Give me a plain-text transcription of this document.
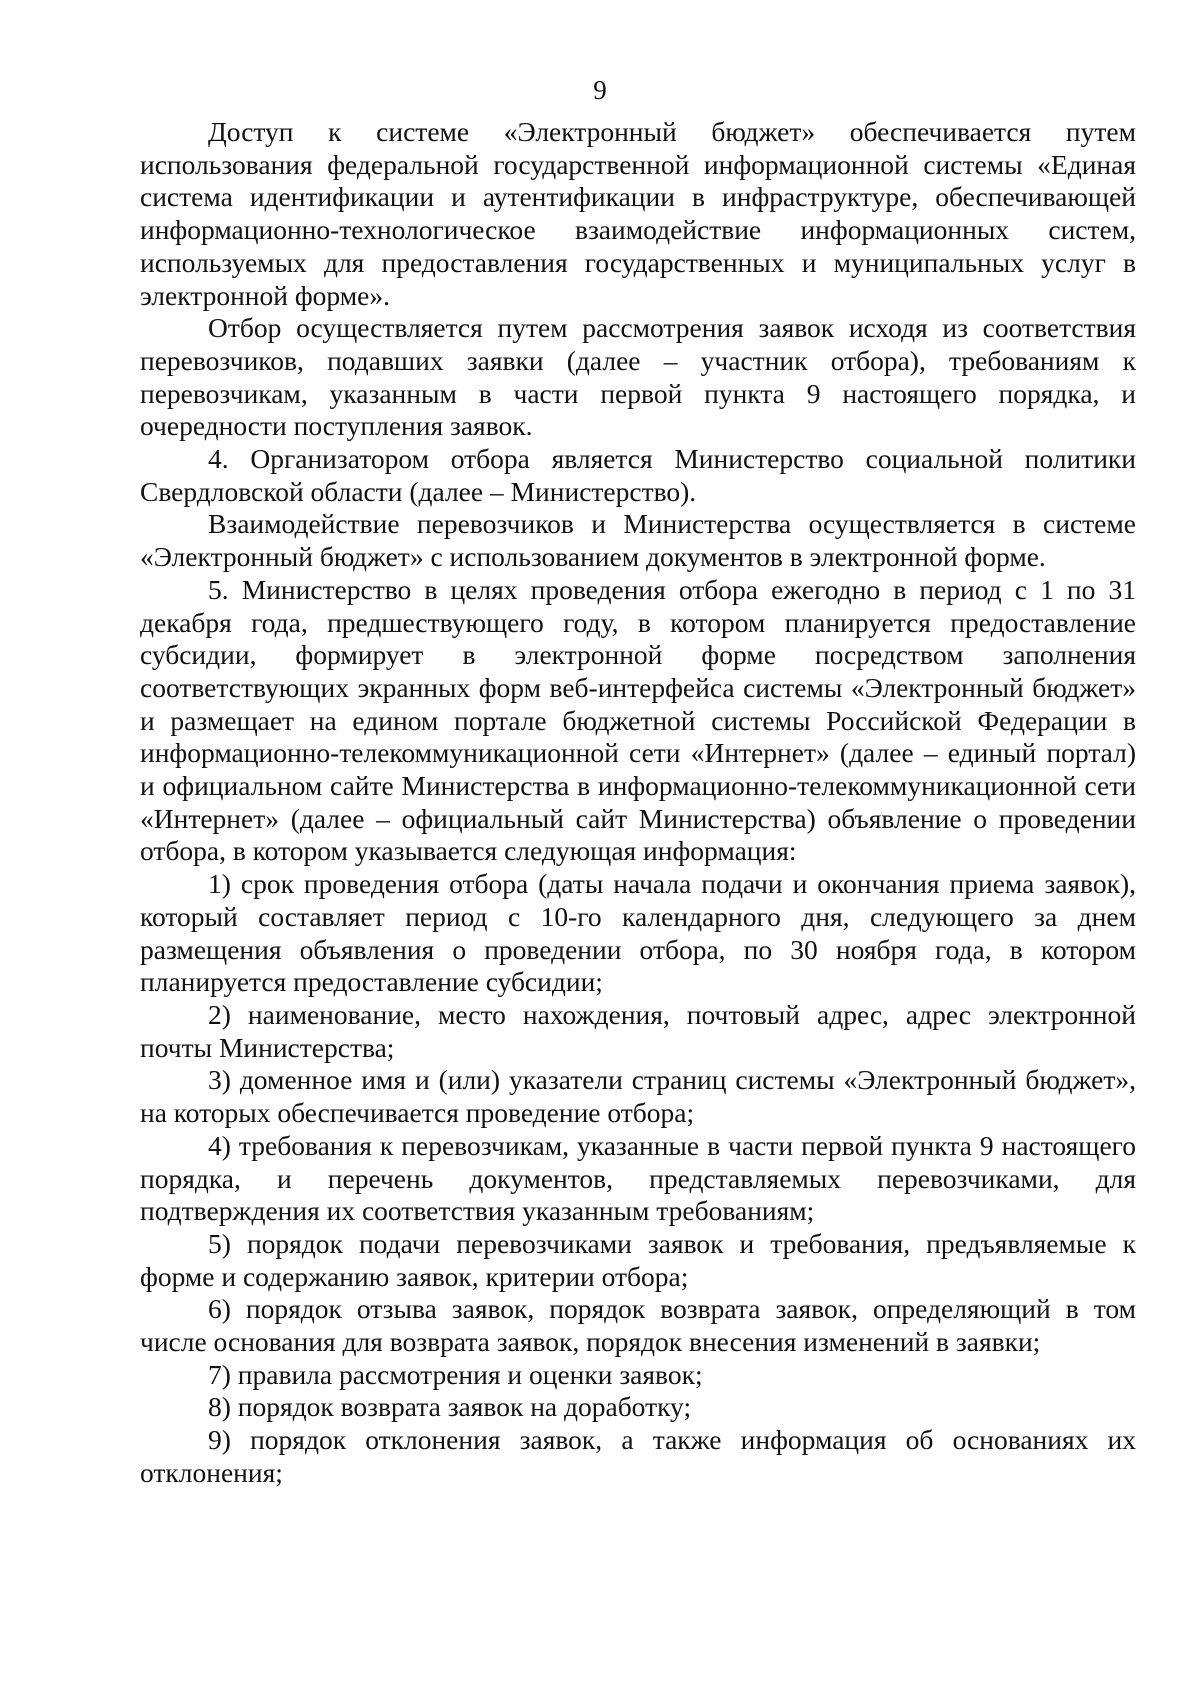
9

Доступ к системе «Электронный бюджет» обеспечивается путем использования федеральной государственной информационной системы «Единая система идентификации и аутентификации в инфраструктуре, обеспечивающей информационно-технологическое взаимодействие информационных систем, используемых для предоставления государственных и муниципальных услуг в электронной форме».

Отбор осуществляется путем рассмотрения заявок исходя из соответствия перевозчиков, подавших заявки (далее – участник отбора), требованиям к перевозчикам, указанным в части первой пункта 9 настоящего порядка, и очередности поступления заявок.

4. Организатором отбора является Министерство социальной политики Свердловской области (далее – Министерство).

Взаимодействие перевозчиков и Министерства осуществляется в системе «Электронный бюджет» с использованием документов в электронной форме.

5. Министерство в целях проведения отбора ежегодно в период с 1 по 31 декабря года, предшествующего году, в котором планируется предоставление субсидии, формирует в электронной форме посредством заполнения соответствующих экранных форм веб-интерфейса системы «Электронный бюджет» и размещает на едином портале бюджетной системы Российской Федерации в информационно-телекоммуникационной сети «Интернет» (далее – единый портал) и официальном сайте Министерства в информационно-телекоммуникационной сети «Интернет» (далее – официальный сайт Министерства) объявление о проведении отбора, в котором указывается следующая информация:

1) срок проведения отбора (даты начала подачи и окончания приема заявок), который составляет период с 10-го календарного дня, следующего за днем размещения объявления о проведении отбора, по 30 ноября года, в котором планируется предоставление субсидии;

2) наименование, место нахождения, почтовый адрес, адрес электронной почты Министерства;

3) доменное имя и (или) указатели страниц системы «Электронный бюджет», на которых обеспечивается проведение отбора;

4) требования к перевозчикам, указанные в части первой пункта 9 настоящего порядка, и перечень документов, представляемых перевозчиками, для подтверждения их соответствия указанным требованиям;

5) порядок подачи перевозчиками заявок и требования, предъявляемые к форме и содержанию заявок, критерии отбора;

6) порядок отзыва заявок, порядок возврата заявок, определяющий в том числе основания для возврата заявок, порядок внесения изменений в заявки;

7) правила рассмотрения и оценки заявок;

8) порядок возврата заявок на доработку;

9) порядок отклонения заявок, а также информация об основаниях их отклонения;
